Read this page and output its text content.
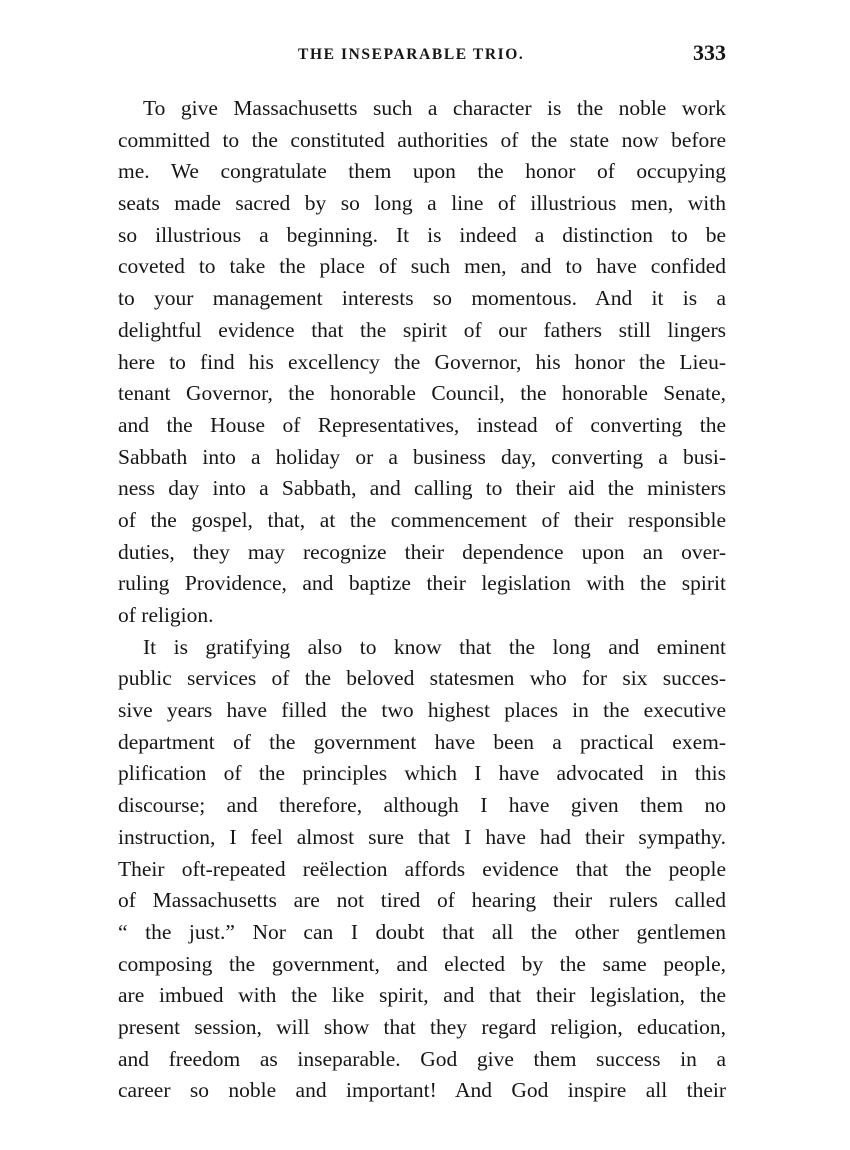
THE INSEPARABLE TRIO.	333
To give Massachusetts such a character is the noble work
committed to the constituted authorities of the state now before
me. We congratulate them upon the honor of occupying
seats made sacred by so long a line of illustrious men, with
so illustrious a beginning. It is indeed a distinction to be
coveted to take the place of such men, and to have confided
to your management interests so momentous. And it is a
delightful evidence that the spirit of our fathers still lingers
here to find his excellency the Governor, his honor the Lieu-
tenant Governor, the honorable Council, the honorable Senate,
and the House of Representatives, instead of converting the
Sabbath into a holiday or a business day, converting a busi-
ness day into a Sabbath, and calling to their aid the ministers
of the gospel, that, at the commencement of their responsible
duties, they may recognize their dependence upon an over-
ruling Providence, and baptize their legislation with the spirit
of religion.
It is gratifying also to know that the long and eminent
public services of the beloved statesmen who for six succes-
sive years have filled the two highest places in the executive
department of the government have been a practical exem-
plification of the principles which I have advocated in this
discourse; and therefore, although I have given them no
instruction, I feel almost sure that I have had their sympathy.
Their oft-repeated reëlection affords evidence that the people
of Massachusetts are not tired of hearing their rulers called
“ the just.” Nor can I doubt that all the other gentlemen
composing the government, and elected by the same people,
are imbued with the like spirit, and that their legislation, the
present session, will show that they regard religion, education,
and freedom as inseparable. God give them success in a
career so noble and important! And God inspire all their
